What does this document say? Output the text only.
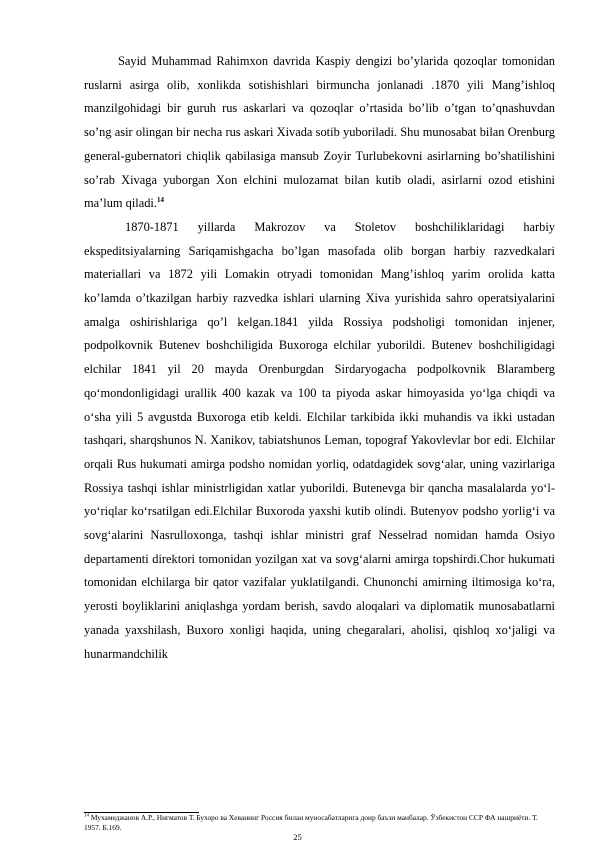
Sayid Muhammad Rahimxon davrida Kaspiy dengizi bo’ylarida qozoqlar tomonidan ruslarni asirga olib, xonlikda sotishishlari birmuncha jonlanadi .1870 yili Mang’ishloq manzilgohidagi bir guruh rus askarlari va qozoqlar o’rtasida bo’lib o’tgan to’qnashuvdan so’ng asir olingan bir necha rus askari Xivada sotib yuboriladi. Shu munosabat bilan Orenburg general-gubernatori chiqlik qabilasiga mansub Zoyir Turlubekovni asirlarning bo’shatilishini so’rab Xivaga yuborgan Xon elchini mulozamat bilan kutib oladi, asirlarni ozod etishini ma’lum qiladi.$^{14}$

1870-1871 yillarda Makrozov va Stoletov boshchiliklaridagi harbiy ekspeditsiyalarning Sariqamishgacha bo’lgan masofada olib borgan harbiy razvedkalari materiallari va 1872 yili Lomakin otryadi tomonidan Mang’ishloq yarim orolida katta ko’lamda o’tkazilgan harbiy razvedka ishlari ularning Xiva yurishida sahro operatsiyalarini amalga oshirishlariga qo’l kelgan.1841 yilda Rossiya podsholigi tomonidan injener, podpolkovnik Butenev boshchiligida Buxoroga elchilar yuborildi. Butenev boshchiligidagi elchilar 1841 yil 20 mayda Orenburgdan Sirdaryogacha podpolkovnik Blaramberg qo‘mondonligidagi urallik 400 kazak va 100 ta piyoda askar himoyasida yo‘lga chiqdi va o‘sha yili 5 avgustda Buxoroga etib keldi. Elchilar tarkibida ikki muhandis va ikki ustadan tashqari, sharqshunos N. Xanikov, tabiatshunos Leman, topograf Yakovlevlar bor edi. Elchilar orqali Rus hukumati amirga podsho nomidan yorliq, odatdagidek sovg‘alar, uning vazirlariga Rossiya tashqi ishlar ministrligidan xatlar yuborildi. Butenevga bir qancha masalalarda yo‘l-yo‘riqlar ko‘rsatilgan edi.Elchilar Buxoroda yaxshi kutib olindi. Butenyov podsho yorlig‘i va sovg‘alarini Nasrulloxonga, tashqi ishlar ministri graf Nesselrad nomidan hamda Osiyo departamenti direktori tomonidan yozilgan xat va sovg‘alarni amirga topshirdi.Chor hukumati tomonidan elchilarga bir qator vazifalar yuklatilgandi. Chunonchi amirning iltimosiga ko‘ra, yerosti boyliklarini aniqlashga yordam berish, savdo aloqalari va diplomatik munosabatlarni yanada yaxshilash, Buxoro xonligi haqida, uning chegaralari, aholisi, qishloq xo‘jaligi va hunarmandchilik

$^{14}$ Мухамеджанов А.Р., Нигматов Т. Бухоро ва Хеванинг Россия билан муносабатларига доир баъзи манбалар. Ўзбекистон ССР ФА нашриёти. Т. 1957. Б.169.
25
